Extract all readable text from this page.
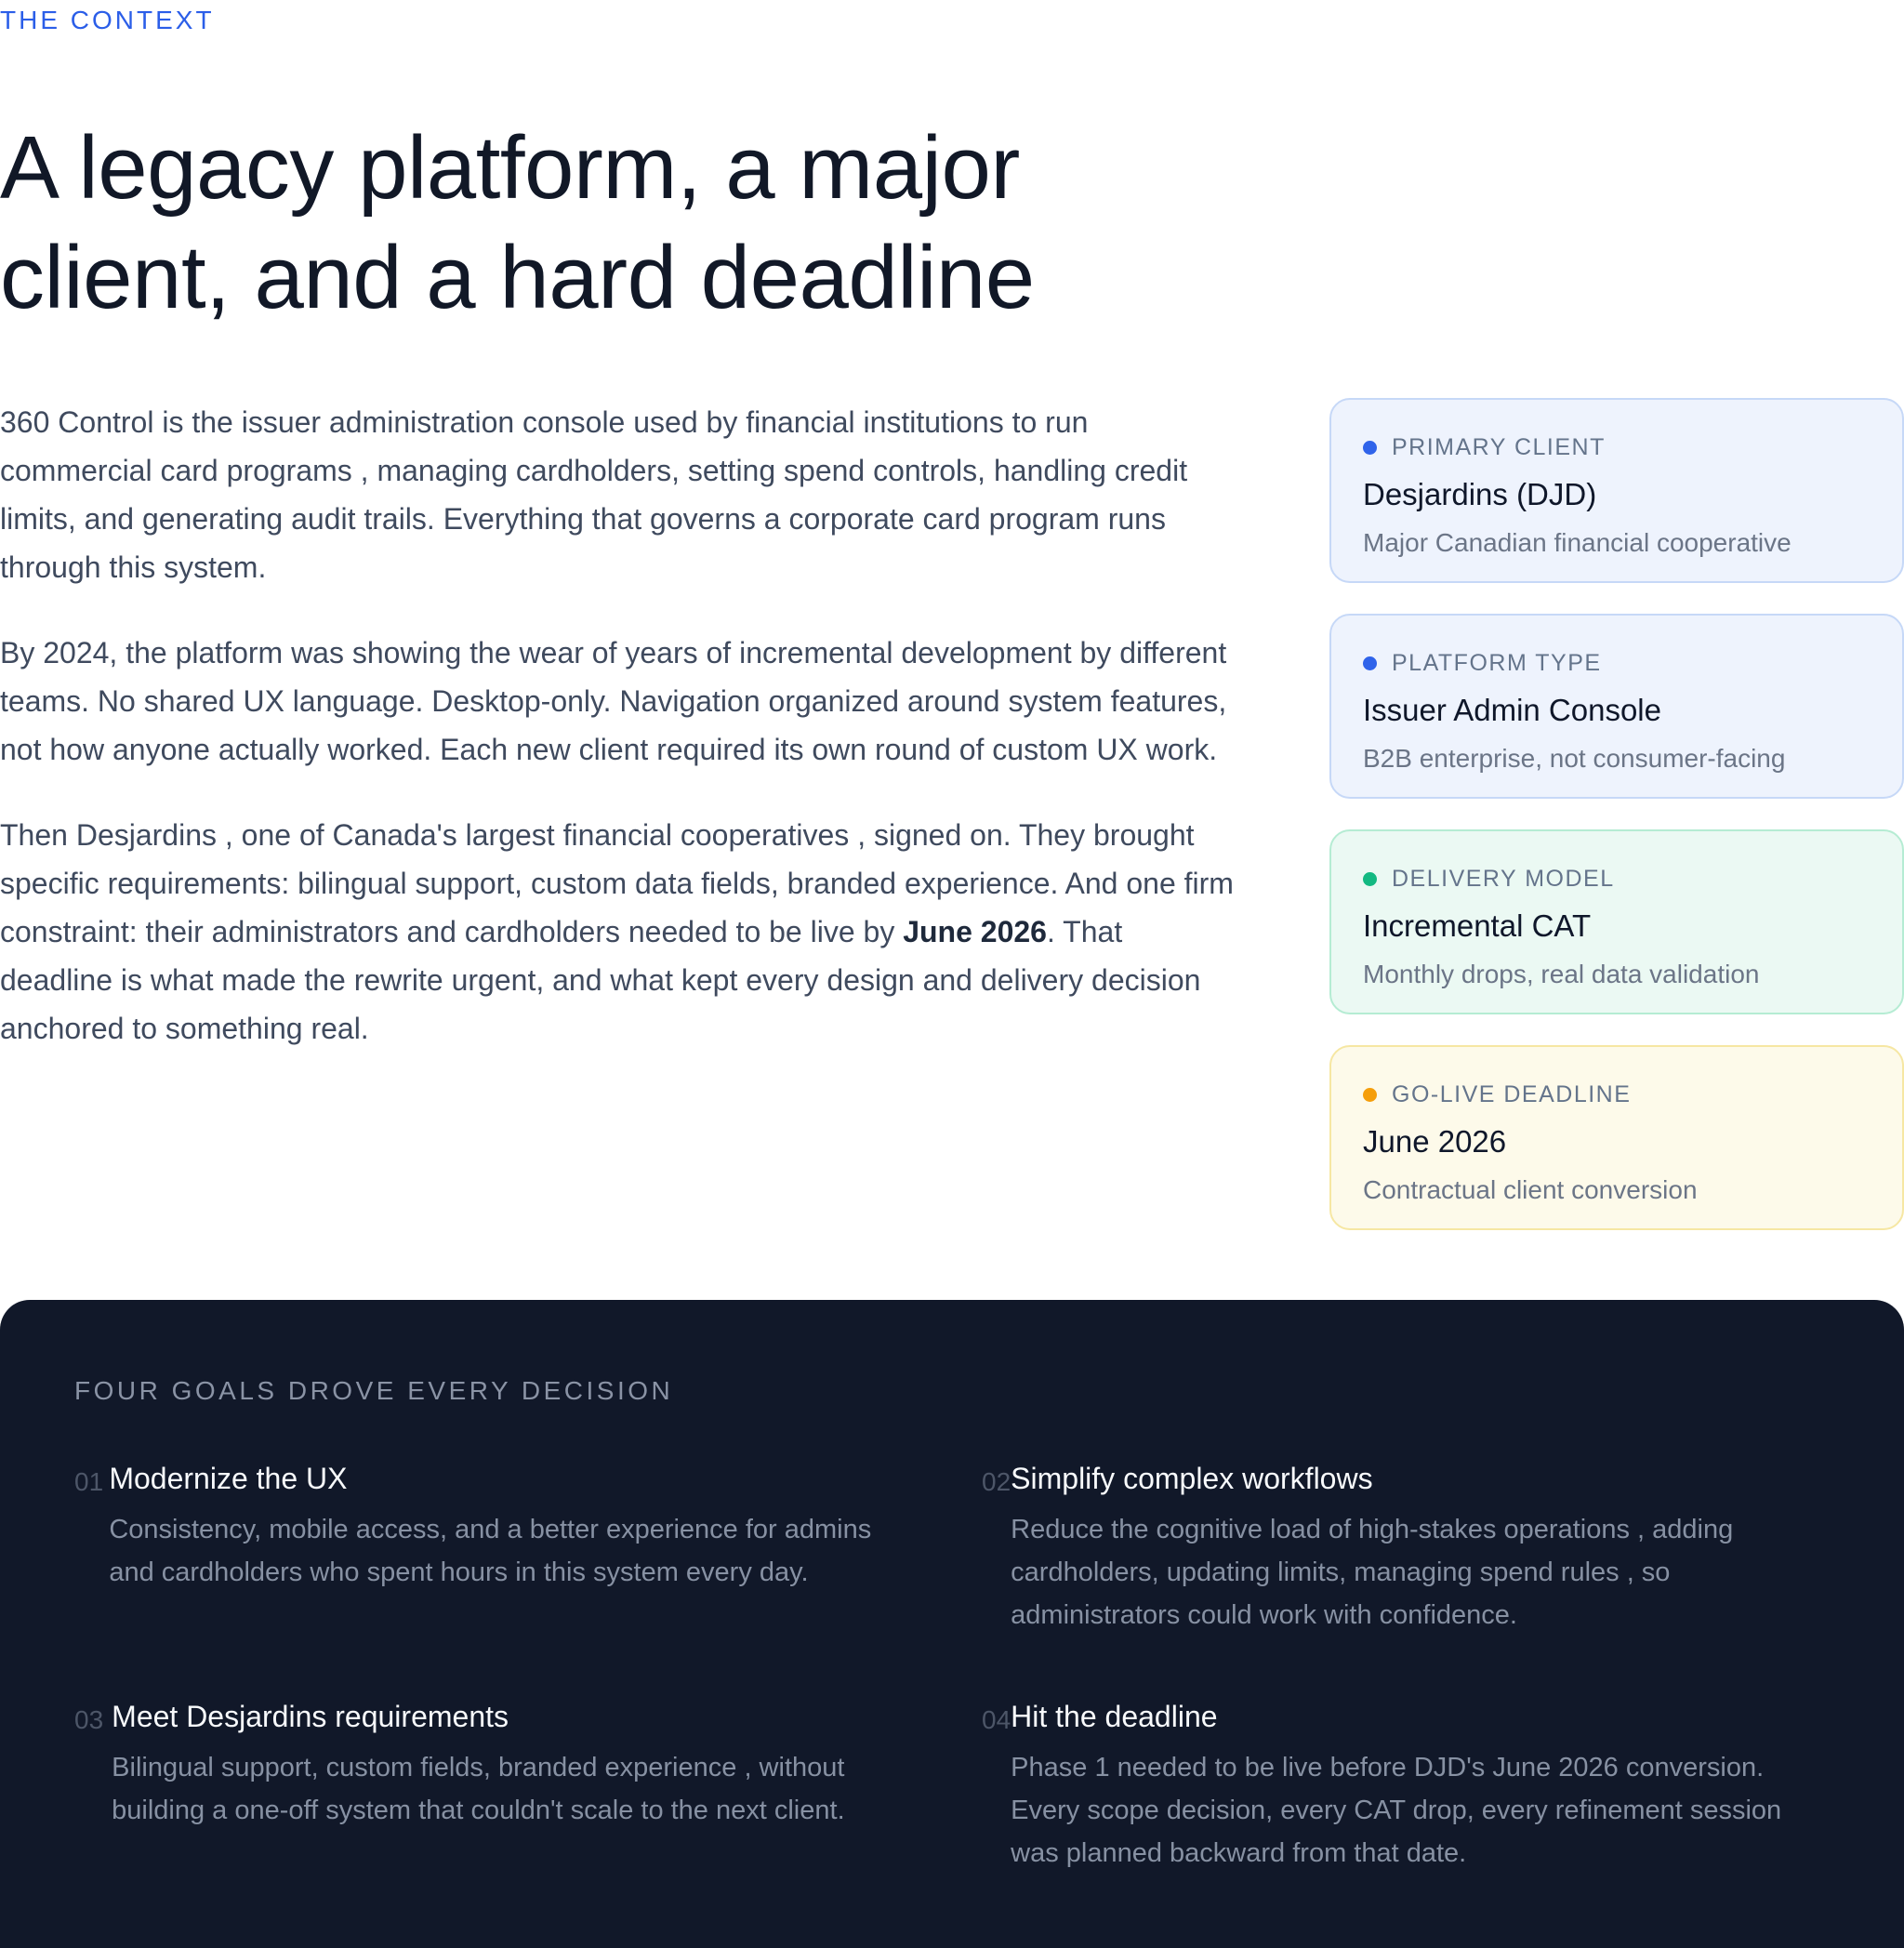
THE CONTEXT
A legacy platform, a major
client, and a hard deadline

360 Control is the issuer administration console used by financial institutions to run commercial card programs , managing cardholders, setting spend controls, handling credit limits, and generating audit trails. Everything that governs a corporate card program runs through this system.

By 2024, the platform was showing the wear of years of incremental development by different teams. No shared UX language. Desktop-only. Navigation organized around system features, not how anyone actually worked. Each new client required its own round of custom UX work.

Then Desjardins , one of Canada's largest financial cooperatives , signed on. They brought specific requirements: bilingual support, custom data fields, branded experience. And one firm constraint: their administrators and cardholders needed to be live by June 2026. That deadline is what made the rewrite urgent, and what kept every design and delivery decision anchored to something real.

PRIMARY CLIENT
Desjardins (DJD)
Major Canadian financial cooperative
PLATFORM TYPE
Issuer Admin Console
B2B enterprise, not consumer-facing
DELIVERY MODEL
Incremental CAT
Monthly drops, real data validation
GO-LIVE DEADLINE
June 2026
Contractual client conversion
FOUR GOALS DROVE EVERY DECISION
01 Modernize the UX
Consistency, mobile access, and a better experience for admins and cardholders who spent hours in this system every day.
02 Simplify complex workflows
Reduce the cognitive load of high-stakes operations , adding cardholders, updating limits, managing spend rules , so administrators could work with confidence.
03 Meet Desjardins requirements
Bilingual support, custom fields, branded experience , without building a one-off system that couldn't scale to the next client.
04 Hit the deadline
Phase 1 needed to be live before DJD's June 2026 conversion. Every scope decision, every CAT drop, every refinement session was planned backward from that date.
